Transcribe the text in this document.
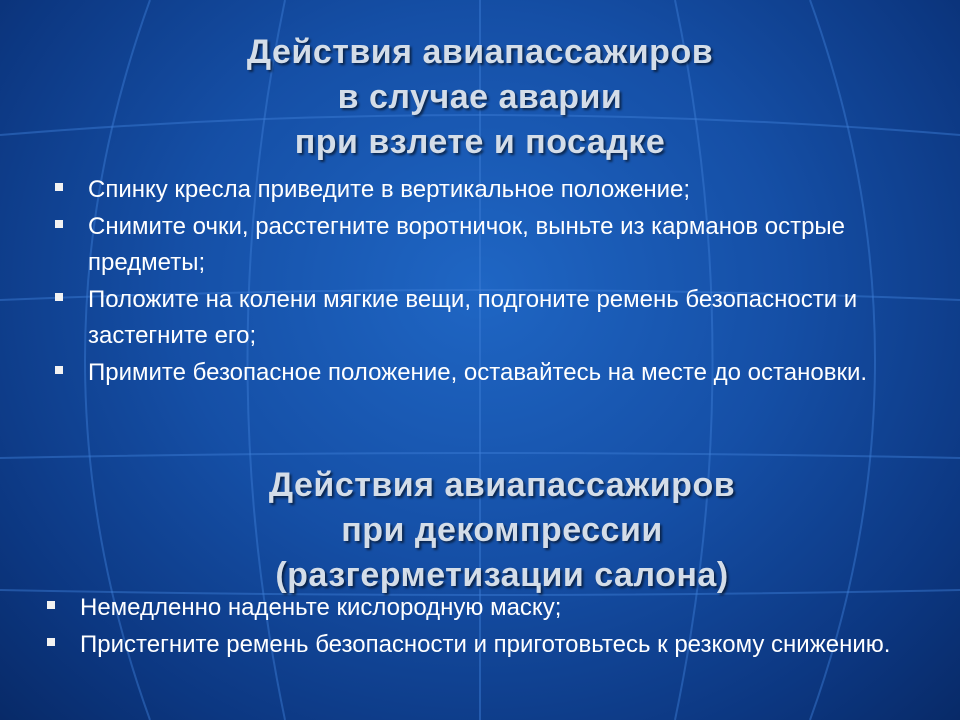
Действия авиапассажиров
в случае аварии
при взлете и посадке
Спинку кресла приведите в вертикальное положение;
Снимите очки, расстегните воротничок, выньте из карманов острые предметы;
Положите на колени мягкие вещи, подгоните ремень безопасности и застегните его;
Примите безопасное положение, оставайтесь на месте до остановки.
Действия авиапассажиров
при декомпрессии
(разгерметизации салона)
Немедленно наденьте кислородную маску;
Пристегните ремень безопасности и приготовьтесь к резкому снижению.
